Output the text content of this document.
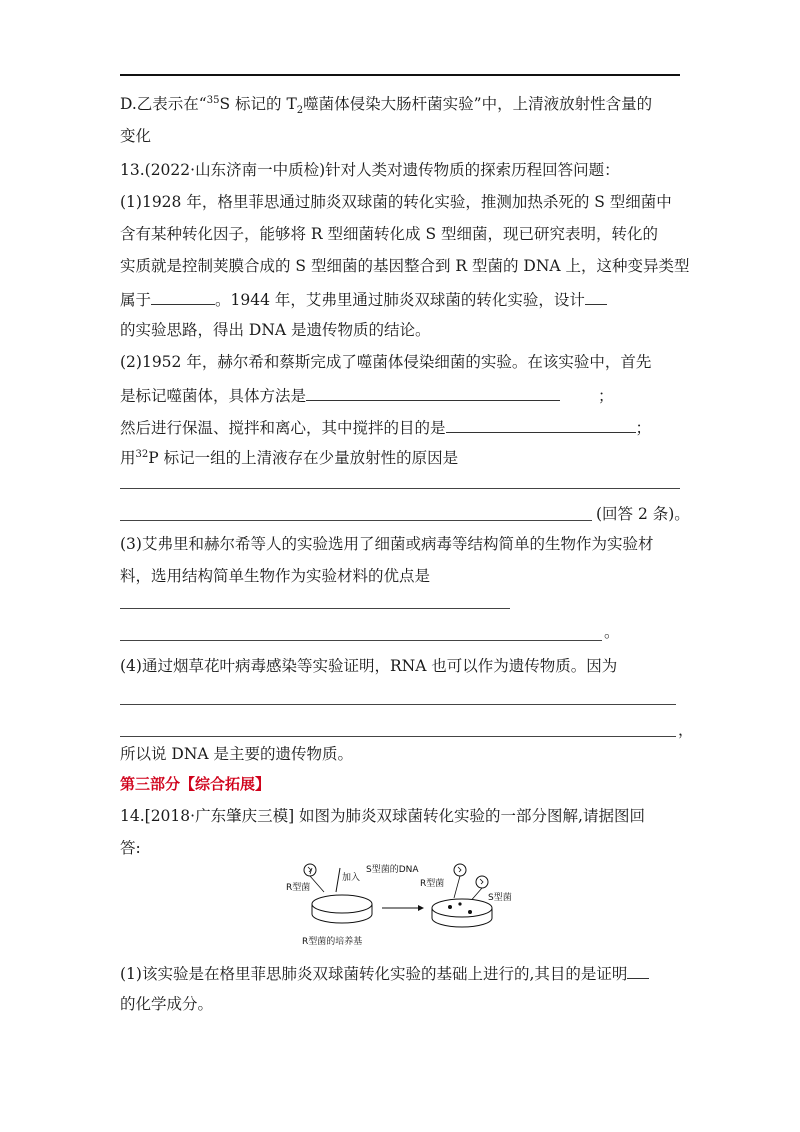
D.乙表示在“$^{35}$S 标记的 $T_2$噬菌体侵染大肠杆菌实验”中，上清液放射性含量的
变化
13.(2022·山东济南一中质检)针对人类对遗传物质的探索历程回答问题：
(1)1928 年，格里菲思通过肺炎双球菌的转化实验，推测加热杀死的 S 型细菌中
含有某种转化因子，能够将 R 型细菌转化成 S 型细菌，现已研究表明，转化的
实质就是控制荚膜合成的 S 型细菌的基因整合到 R 型菌的 DNA 上，这种变异类型
属于	。1944 年，艾弗里通过肺炎双球菌的转化实验，设计
的实验思路，得出 DNA 是遗传物质的结论。
(2)1952 年，赫尔希和蔡斯完成了噬菌体侵染细菌的实验。在该实验中，首先
是标记噬菌体，具体方法是	；
然后进行保温、搅拌和离心，其中搅拌的目的是	；
用$^{32}$P 标记一组的上清液存在少量放射性的原因是
(回答 2 条)。
(3)艾弗里和赫尔希等人的实验选用了细菌或病毒等结构简单的生物作为实验材
料，选用结构简单生物作为实验材料的优点是
。
(4)通过烟草花叶病毒感染等实验证明，RNA 也可以作为遗传物质。因为
，
所以说 DNA 是主要的遗传物质。
第三部分【综合拓展】
14.[2018·广东肇庆三模] 如图为肺炎双球菌转化实验的一部分图解,请据图回
答:
R型菌
加入
S型菌的DNA
R型菌的培养基
R型菌
S型菌
(1)该实验是在格里菲思肺炎双球菌转化实验的基础上进行的,其目的是证明
的化学成分。
